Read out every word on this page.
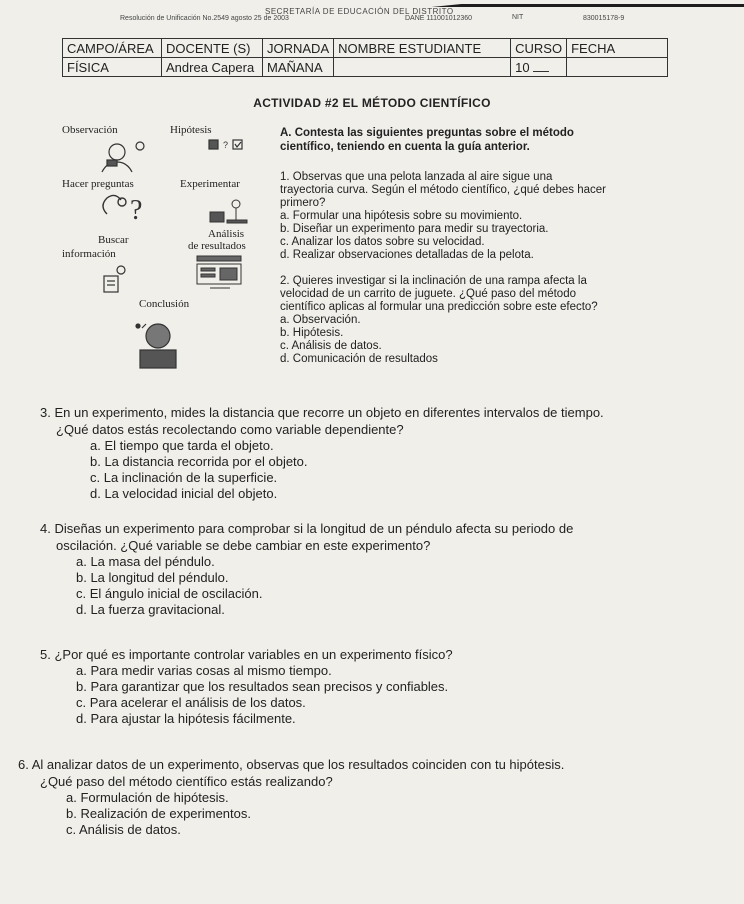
SECRETARÍA DE EDUCACIÓN DEL DISTRITO
Resolución de Unificación No.2549 agosto 25 de 2003	DANE 111001012360	NIT	830015178-9
CAMPO/ÁREA	DOCENTE (S)	JORNADA	NOMBRE ESTUDIANTE	CURSO	FECHA
FÍSICA	Andrea Capera	MAÑANA		10	
ACTIVIDAD #2 EL MÉTODO CIENTÍFICO
Observación	Hipótesis
Hacer preguntas	Experimentar
Buscar
información
Análisis
de resultados
Conclusión
?
?
A. Contesta las siguientes preguntas sobre el método
científico, teniendo en cuenta la guía anterior.
1. Observas que una pelota lanzada al aire sigue una
trayectoria curva. Según el método científico, ¿qué debes hacer
primero?
a. Formular una hipótesis sobre su movimiento.
b. Diseñar un experimento para medir su trayectoria.
c. Analizar los datos sobre su velocidad.
d. Realizar observaciones detalladas de la pelota.
2. Quieres investigar si la inclinación de una rampa afecta la
velocidad de un carrito de juguete. ¿Qué paso del método
científico aplicas al formular una predicción sobre este efecto?
a. Observación.
b. Hipótesis.
c. Análisis de datos.
d. Comunicación de resultados
3. En un experimento, mides la distancia que recorre un objeto en diferentes intervalos de tiempo.
¿Qué datos estás recolectando como variable dependiente?
a. El tiempo que tarda el objeto.
b. La distancia recorrida por el objeto.
c. La inclinación de la superficie.
d. La velocidad inicial del objeto.
4. Diseñas un experimento para comprobar si la longitud de un péndulo afecta su periodo de
oscilación. ¿Qué variable se debe cambiar en este experimento?
a. La masa del péndulo.
b. La longitud del péndulo.
c. El ángulo inicial de oscilación.
d. La fuerza gravitacional.
5. ¿Por qué es importante controlar variables en un experimento físico?
a. Para medir varias cosas al mismo tiempo.
b. Para garantizar que los resultados sean precisos y confiables.
c. Para acelerar el análisis de los datos.
d. Para ajustar la hipótesis fácilmente.
6. Al analizar datos de un experimento, observas que los resultados coinciden con tu hipótesis.
¿Qué paso del método científico estás realizando?
a. Formulación de hipótesis.
b. Realización de experimentos.
c. Análisis de datos.
